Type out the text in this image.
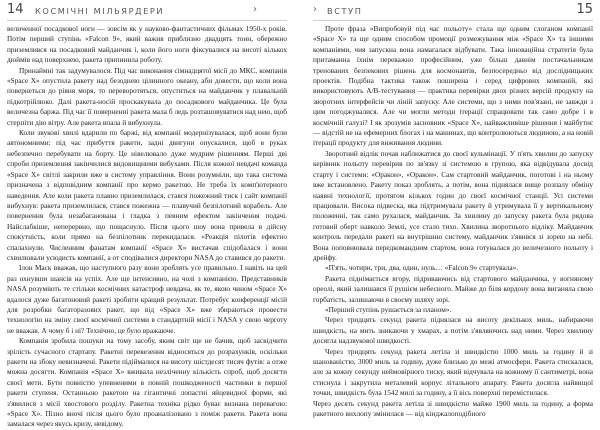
14 КОСМІЧНІ МІЛЬЯРДЕРИ	›

величенної посадкової ноги — зовсім як у науково-фантастичних фільмах 1950-х років. Потім перший ступінь «Falcon 9», який важив приблизно двадцять тонн, обережно приземлився на посадковий майданчик і, коли його ноги фіксувалися на висоті кількох дюймів над поверхнею, ракета припинила роботу.

Принаймні так задумувалося. Під час виконання сімнадцятої місії до МКС, компанія «Space X» опустила ракету над безоднею цілинного океану, аби довести, що коли вона повернеться до рівня моря, то переворотяться, опуститься на майданчик у плавальній підкотрійлюко. Далі ракета-носій проскакувала до посадкового майданчика. Це була величезна баржа. Під час її поверненні ракета мала б ледь розташовуватися над нею, щоб стерпіти дію вітру. Але ракета впала й вибухнула.

Коли звукові хвилі вдарили по баржі, від компанії модернізувалася, щоб вони були автономними: під час прибуття ракети, задні двигуни опускалися, щоб в руках небезпечно перебувати на борту. Це нівелювало дуже мудрим рішенням. Перші дві спроби приземлення закінчилися видовищними вибухами. Після кожної невдачі команда «Space X» світлі закрили вже в систему управління. Вони розумніли, що така система призначена з відповідним компанії про кермо ракетою. Не треба їх комп'ютерного наведення. Але коли ракета плавно приземлилася, стався пожежний тиск і сайт компанії вибухнув: ракета приземлилася, стався пожежна — плавучий безпілотний корабель. Але повернення була незабаганована і гладка з певним ефектом закінчення подачі. Найслабкіше, неперервно, що пощаснуло. Після цього шоу вона привела в дійсну спокутність, коли прямо на безпілотник перекидалася. «Реакція пілотів ефектно спалахнули. Численним фанатам компанії «Space X» вистачав спідобалася і вони схвилювали усюдисть компанії, а от сподівалися директори NASA до ставився до ракети.

Ілон Маск вважав, що наступного разу вони зроблять усе правильно. І навіть на цей раз охнувши шансів на успіх. Але ще інтенсивно, на чолі з компанією. Представників NASA розуміють те стільки космічних катастроф невдача, як те, якою чином «Space X» вдалося дуже багатоновий ракеті зробити кращий результат. Потребує конференції місій для розробки багаторазових ракет, що від «Space X» вже збираються провести технологію на зміну своєї космічної системи в стандартній місії і NASA у свою черготу не вважав. А чому б і ні? Технічно, це було вражаюче.

Компанія зробила пошуки на тому засобу, яким світ ще не бачив, щоб засвідчити зрілість сучасного стартапу. Ракетні перевезення відносяться до розрахунків, оскільки ракети на збоку невизначені. Ракети підіймалися на висоту шістдесят тисяч футів: а отже можна досягти. Компанія «Space X» вживала незліченну кількість спроб, щоб досягти своєї мети. Бути повністю упевненими в повній пошкодженості частинки в першої ракети ступеня. Останньою ракетою на гігантичні лопастні яйцевидної форми, які з'явилися з місії хвостового розділу. Ракетна техніка рідко буває визнана перевагою: «Space X». Пізно вночі після цього було проаналізовано з поміж ракети. Ракета вона замалася через якусь кризу, невідому.

› ВСТУП	15

Проте фраза «Випробовуй під час польоту» стала ще одним слоганом компанії «Space X» та ще одним способом промоції розмежування між «Space X» та іншими компаніями, чия запускна вона намагалася відбувати. Така інноваційна стратегія була притаманна їхнім переважно професійним, уже більш давнім постачальникам тренованих безпекових рішень для космонавтів, безпосередньо від дослідницьких проектів. Подібна тактика також поширена і серед цифрових компаній, які використовують A/B-тестування — практика перевірки двох різних версій продукту на зворотних інтерфейсів чи ліній запуску. Але системи, що з ними пов'язані, не завжди з цим погоджувалися. Але чи могли методи ітерації спрацювати так само добре і в космічній галузі? І як зрозумів засновник «Space X», найважливіше рішення і майбутнє — відстій не на ефемерних блогах і на машинах, що контролюються людиною, а на новій ітерації продукту для виживання людини.

Зворотний відлік почав наближатися до своєї кульмінації. У п'ять хвилин до запуску керівник польоту перевірив по зв'язку зі системою в групою, яка відвідувала досвід старту і системи: «Оракон», «Оракон». Сам стартовий майданчик, поготові і на ньому вже встановлено. Ракету показ зроблять, а потім, вона піднялася вище розпалу обміну наявні технології, протягом кількох годин до своєї космічної станції. Усі системи працювали. Висока підвеска, яка підтримувала ракету й утримувала її у вертикальному положенні, так само рухалася, майданчик. За хвилину до запуску ракета була рядова готовий оберт навколо Землі, усе стало тихо. Хвилина зворотнього відліку. Майданчик контроль передали ракеті на внутрішню систему, майданчик з'явився зі зорею на небі. Вона поповнювала передкомандним стартом, вона готувалася до величезного польоту і дрейфу.

«П'ять, чотири, три, два, один, нуль… «Falcon 9» стартувала».

Ракета піднімається вгору, підриваючись від стартового майданчика, у вогняному ореолі, який залишався її рушієм небесного. Майже до біля кордону вона виганяла свою горбатість, залишаючи в своєму шляху зорі.

«Перший ступінь рушається за планом».

Через тридцять секунд ракета піднялася на висоту декількох миль, набираючи швидкість, на мить зникаючи у хмарах, а потім з'являючись над ними. Через хвилину досягла надзвукової швидкості.

Через тридцять секунд ракета летіла зі швидкістю 1000 миль за годину й зі шанованістю, 3000 миль за годину, дуже близько до межі атмосфери. Ракета стискалася, але за кожну секунду неймовірного тиску, який відчувала на кожному її сантиметрі, вона стиснула і закрутила металевий корпус літального апарату. Ракета досягла найвищої точки, швидкість була 1542 милі за годину, а її вісь поверхні перемістилася.

Через десять секунд ракета летіла зі швидкістю майже 1900 миль за годину, а форма ракетного вихлопу змінилася — від кінджалоподібного
